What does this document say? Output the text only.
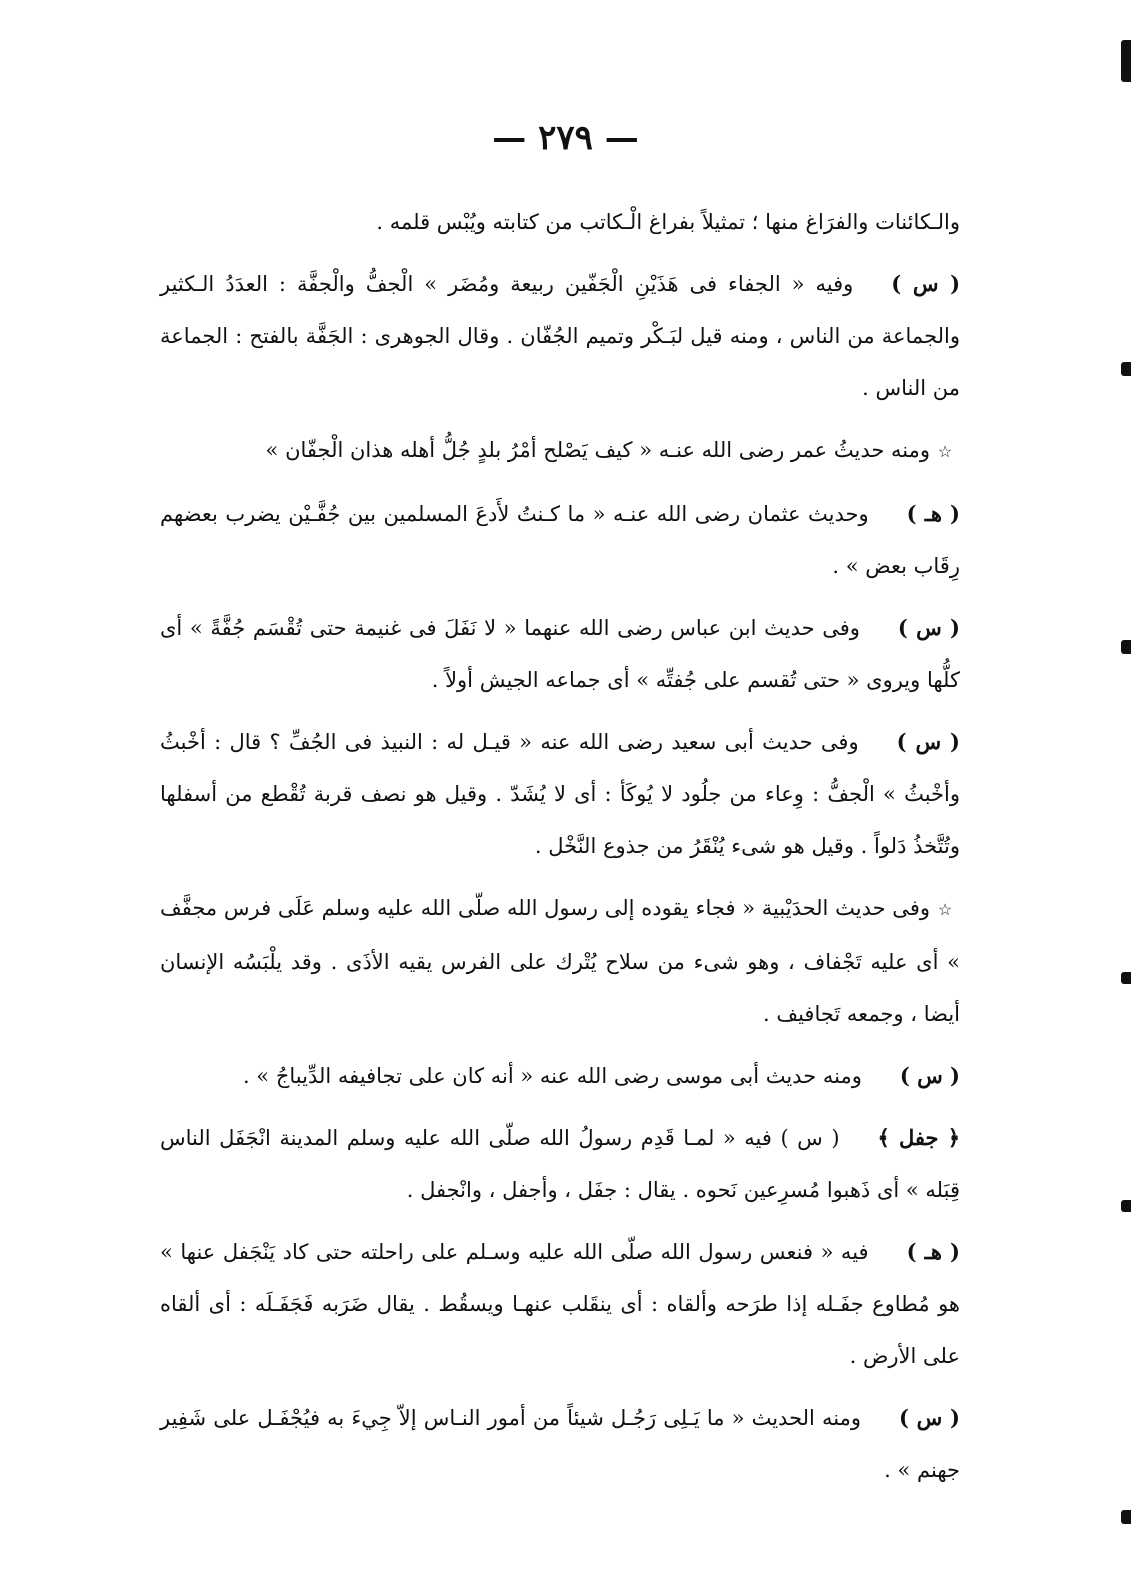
— ٢٧٩ —

والـكائنات والفرَاغ منها ؛ تمثيلاً بفراغ الْـكاتب من كتابته ويُبْس قلمه .

( س )وفيه « الجفاء فى هَذَيْنِ الْجَفّين ربيعة ومُضَر » الْجفُّ والْجفَّة : العدَدُ الـكثير والجماعة من الناس ، ومنه قيل لبَـكْر وتميم الجُفّان . وقال الجوهرى : الجَفَّة بالفتح : الجماعة من الناس .

☆ومنه حديثُ عمر رضى الله عنـه « كيف يَصْلح أمْرُ بلدٍ جُلُّ أهله هذان الْجفّان »

( هـ )وحديث عثمان رضى الله عنـه « ما كـنتُ لأَدعَ المسلمين بين جُفَّـيْن يضرب بعضهم رِقَاب بعض » .

( س )وفى حديث ابن عباس رضى الله عنهما « لا نَفَلَ فى غنيمة حتى تُقْسَم جُفَّةً » أى كلُّها ويروى « حتى تُقسم على جُفتِّه » أى جماعه الجيش أولاً .

( س )وفى حديث أبى سعيد رضى الله عنه « قيـل له : النبيذ فى الجُفِّ ؟ قال : أخْبثُ وأخْبثُ » الْجفُّ : وِعاء من جلُود لا يُوكَأ : أى لا يُشَدّ . وقيل هو نصف قربة تُقْطع من أسفلها وتُتَّخذُ دَلواً . وقيل هو شىء يُنْقَرُ من جذوع النَّخْل .

☆وفى حديث الحدَيْبية « فجاء يقوده إلى رسول الله صلّى الله عليه وسلم عَلَى فرس مجفَّف » أى عليه تَجْفاف ، وهو شىء من سلاح يُتْرك على الفرس يقيه الأذَى . وقد يلْبَسُه الإنسان أيضا ، وجمعه تَجافيف .

( س )ومنه حديث أبى موسى رضى الله عنه « أنه كان على تجافيفه الدِّيباجُ » .

﴿ جفل ﴾( س ) فيه « لمـا قَدِم رسولُ الله صلّى الله عليه وسلم المدينة انْجَفَل الناس قِبَله » أى ذَهبوا مُسرِعين نَحوه . يقال : جفَل ، وأجفل ، وانْجفل .

( هـ )فيه « فنعس رسول الله صلّى الله عليه وسـلم على راحلته حتى كاد يَنْجَفل عنها » هو مُطاوع جفَـله إذا طرَحه وألقاه : أى ينقَلب عنهـا ويسقُط . يقال ضَرَبه فَجَفَـلَه : أى ألقاه على الأرض .

( س )ومنه الحديث « ما يَـلِى رَجُـل شيئاً من أمور النـاس إلاّ جِيءَ به فيُجْفَـل على شَفِير جهنم » .
